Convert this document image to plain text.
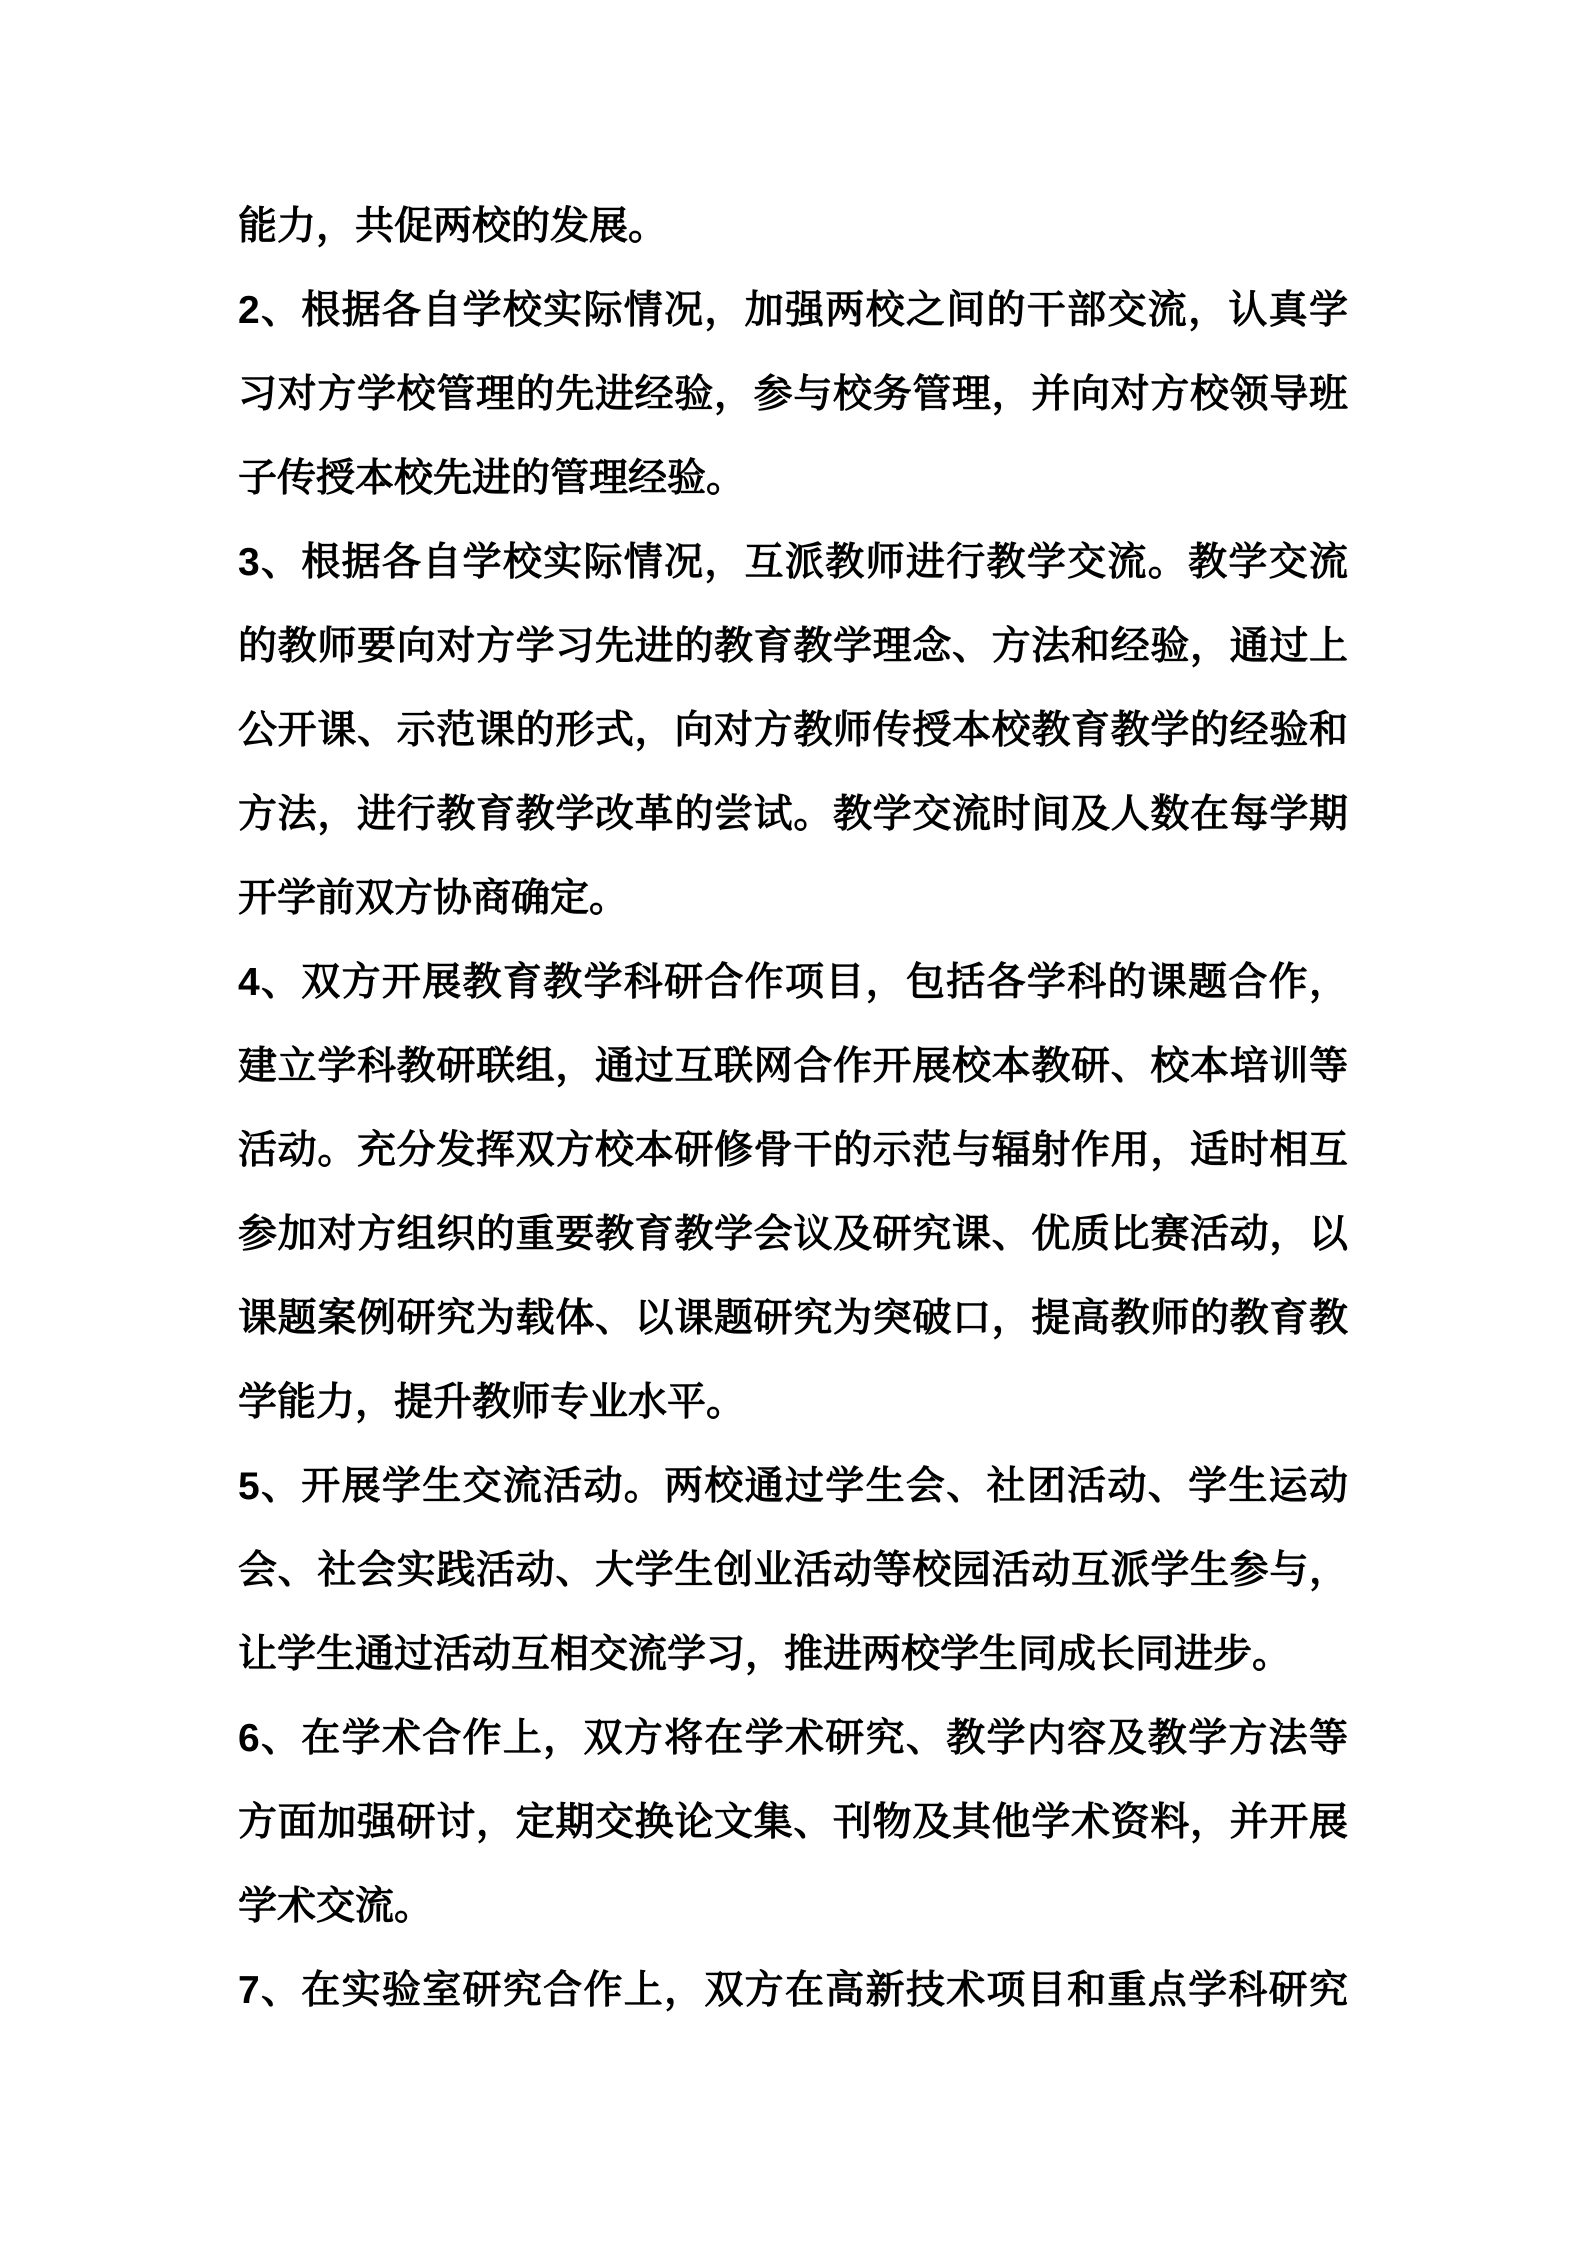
能力，共促两校的发展。
2、根据各自学校实际情况，加强两校之间的干部交流，认真学
习对方学校管理的先进经验，参与校务管理，并向对方校领导班
子传授本校先进的管理经验。
3、根据各自学校实际情况，互派教师进行教学交流。教学交流
的教师要向对方学习先进的教育教学理念、方法和经验，通过上
公开课、示范课的形式，向对方教师传授本校教育教学的经验和
方法，进行教育教学改革的尝试。教学交流时间及人数在每学期
开学前双方协商确定。
4、双方开展教育教学科研合作项目，包括各学科的课题合作，
建立学科教研联组，通过互联网合作开展校本教研、校本培训等
活动。充分发挥双方校本研修骨干的示范与辐射作用，适时相互
参加对方组织的重要教育教学会议及研究课、优质比赛活动，以
课题案例研究为载体、以课题研究为突破口，提高教师的教育教
学能力，提升教师专业水平。
5、开展学生交流活动。两校通过学生会、社团活动、学生运动
会、社会实践活动、大学生创业活动等校园活动互派学生参与，
让学生通过活动互相交流学习，推进两校学生同成长同进步。
6、在学术合作上，双方将在学术研究、教学内容及教学方法等
方面加强研讨，定期交换论文集、刊物及其他学术资料，并开展
学术交流。
7、在实验室研究合作上，双方在高新技术项目和重点学科研究
